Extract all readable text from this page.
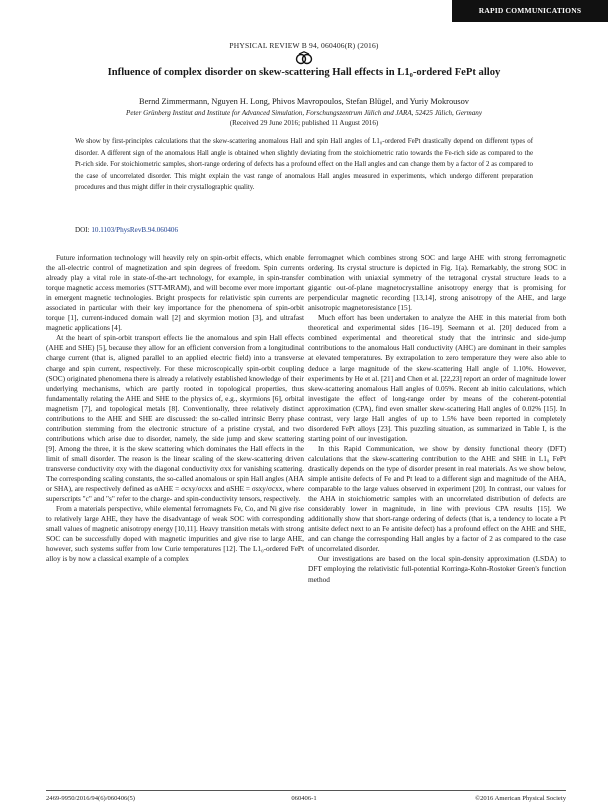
RAPID COMMUNICATIONS
PHYSICAL REVIEW B 94, 060406(R) (2016)
Influence of complex disorder on skew-scattering Hall effects in L1₀-ordered FePt alloy
Bernd Zimmermann, Nguyen H. Long, Phivos Mavropoulos, Stefan Blügel, and Yuriy Mokrousov
Peter Grünberg Institut and Institute for Advanced Simulation, Forschungszentrum Jülich and JARA, 52425 Jülich, Germany
(Received 29 June 2016; published 11 August 2016)
We show by first-principles calculations that the skew-scattering anomalous Hall and spin Hall angles of L1₀-ordered FePt drastically depend on different types of disorder. A different sign of the anomalous Hall angle is obtained when slightly deviating from the stoichiometric ratio towards the Fe-rich side as compared to the Pt-rich side. For stoichiometric samples, short-range ordering of defects has a profound effect on the Hall angles and can change them by a factor of 2 as compared to the case of uncorrelated disorder. This might explain the vast range of anomalous Hall angles measured in experiments, which undergo different preparation procedures and thus might differ in their crystallographic quality.
DOI: 10.1103/PhysRevB.94.060406

Future information technology will heavily rely on spin-orbit effects, which enable the all-electric control of magnetization and spin degrees of freedom. Spin currents already play a vital role in state-of-the-art technology, for example, in spin-transfer torque magnetic access memories (STT-MRAM), and will become ever more important in emergent magnetic technologies. Bright prospects for relativistic spin currents are associated in particular with their key importance for the phenomena of spin-orbit torque [1], current-induced domain wall [2] and skyrmion motion [3], and ultrafast magnetic applications [4].

At the heart of spin-orbit transport effects lie the anomalous and spin Hall effects (AHE and SHE) [5], because they allow for an efficient conversion from a longitudinal charge current (that is, aligned parallel to an applied electric field) into a transverse charge and spin current, respectively. For these microscopically spin-orbit coupling (SOC) originated phenomena there is already a relatively established knowledge of their underlying mechanisms, which are partly rooted in topological properties, thus fundamentally relating the AHE and SHE to the physics of, e.g., skyrmions [6], orbital magnetism [7], and topological metals [8]. Conventionally, three relatively distinct contributions to the AHE and SHE are discussed: the so-called intrinsic Berry phase contribution stemming from the electronic structure of a pristine crystal, and two contributions which arise due to disorder, namely, the side jump and skew scattering [9]. Among the three, it is the skew scattering which dominates the Hall effects in the limit of small disorder. The reason is the linear scaling of the skew-scattering driven transverse conductivity σxy with the diagonal conductivity σxx for vanishing scattering. The corresponding scaling constants, the so-called anomalous or spin Hall angles (AHA or SHA), are respectively defined as αAHE = σcxy/σcxx and αSHE = σsxy/σcxx, where superscripts "c" and "s" refer to the charge- and spin-conductivity tensors, respectively.

From a materials perspective, while elemental ferromagnets Fe, Co, and Ni give rise to relatively large AHE, they have the disadvantage of weak SOC with corresponding small values of magnetic anisotropy energy [10,11]. Heavy transition metals with strong SOC can be successfully doped with magnetic impurities and give rise to large AHE, however, such systems suffer from low Curie temperatures [12]. The L1₀-ordered FePt alloy is by now a classical example of a complex

ferromagnet which combines strong SOC and large AHE with strong ferromagnetic ordering. Its crystal structure is depicted in Fig. 1(a). Remarkably, the strong SOC in combination with uniaxial symmetry of the tetragonal crystal structure leads to a gigantic out-of-plane magnetocrystalline anisotropy energy that is promising for perpendicular magnetic recording [13,14], strong anisotropy of the AHE, and large anisotropic magnetoresistance [15].

Much effort has been undertaken to analyze the AHE in this material from both theoretical and experimental sides [16–19]. Seemann et al. [20] deduced from a combined experimental and theoretical study that the intrinsic and side-jump contributions to the anomalous Hall conductivity (AHC) are dominant in their samples at elevated temperatures. By extrapolation to zero temperature they were also able to deduce a large magnitude of the skew-scattering Hall angle of 1.10%. However, experiments by He et al. [21] and Chen et al. [22,23] report an order of magnitude lower skew-scattering anomalous Hall angles of 0.05%. Recent ab initio calculations, which investigate the effect of long-range order by means of the coherent-potential approximation (CPA), find even smaller skew-scattering Hall angles of 0.02% [15]. In contrast, very large Hall angles of up to 1.5% have been reported in completely disordered FePt alloys [23]. This puzzling situation, as summarized in Table I, is the starting point of our investigation.

In this Rapid Communication, we show by density functional theory (DFT) calculations that the skew-scattering contribution to the AHE and SHE in L1₀ FePt drastically depends on the type of disorder present in real materials. As we show below, simple antisite defects of Fe and Pt lead to a different sign and magnitude of the AHA, comparable to the large values observed in experiment [20]. In contrast, our values for the AHA in stoichiometric samples with an uncorrelated distribution of defects are considerably lower in magnitude, in line with previous CPA results [15]. We additionally show that short-range ordering of defects (that is, a tendency to locate a Pt antisite defect next to an Fe antisite defect) has a profound effect on the AHE and SHE, and can change the corresponding Hall angles by a factor of 2 as compared to the case of uncorrelated disorder.

Our investigations are based on the local spin-density approximation (LSDA) to DFT employing the relativistic full-potential Korringa-Kohn-Rostoker Green's function method

2469-9950/2016/94(6)/060406(5)	060406-1	©2016 American Physical Society
